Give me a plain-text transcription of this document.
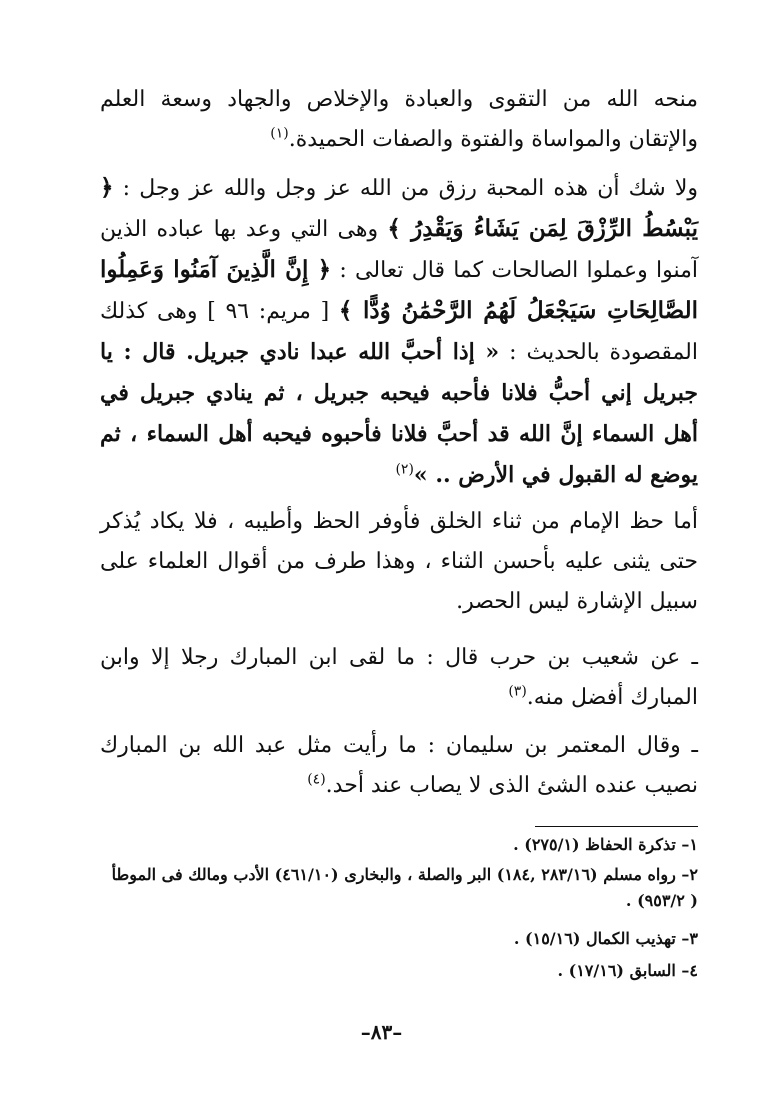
منحه الله من التقوى والعبادة والإخلاص والجهاد وسعة العلم والإتقان والمواساة والفتوة والصفات الحميدة.$^{(١)}$

ولا شك أن هذه المحبة رزق من الله عز وجل والله عز وجل : ﴿ يَبْسُطُ الرِّزْقَ لِمَن يَشَاءُ وَيَقْدِرُ ﴾ وهى التي وعد بها عباده الذين آمنوا وعملوا الصالحات كما قال تعالى : ﴿ إِنَّ الَّذِينَ آمَنُوا وَعَمِلُوا الصَّالِحَاتِ سَيَجْعَلُ لَهُمُ الرَّحْمَٰنُ وُدًّا ﴾ [ مريم: ٩٦ ] وهى كذلك المقصودة بالحديث : « إذا أحبَّ الله عبدا نادي جبريل. قال : يا جبريل إني أحبُّ فلانا فأحبه فيحبه جبريل ، ثم ينادي جبريل في أهل السماء إنَّ الله قد أحبَّ فلانا فأحبوه فيحبه أهل السماء ، ثم يوضع له القبول في الأرض .. »$^{(٢)}$

أما حظ الإمام من ثناء الخلق فأوفر الحظ وأطيبه ، فلا يكاد يُذكر حتى يثنى عليه بأحسن الثناء ، وهذا طرف من أقوال العلماء على سبيل الإشارة ليس الحصر.

ـ عن شعيب بن حرب قال : ما لقى ابن المبارك رجلا إلا وابن المبارك أفضل منه.$^{(٣)}$

ـ وقال المعتمر بن سليمان : ما رأيت مثل عبد الله بن المبارك نصيب عنده الشئ الذى لا يصاب عند أحد.$^{(٤)}$

١– تذكرة الحفاظ (٢٧٥/١) .

٢– رواه مسلم (٢٨٣/١٦ ,١٨٤) البر والصلة ، والبخارى (٤٦١/١٠) الأدب ومالك فى الموطأ ( ٩٥٣/٢) .

٣– تهذيب الكمال (١٥/١٦) .

٤– السابق (١٧/١٦) .

–٨٣–
